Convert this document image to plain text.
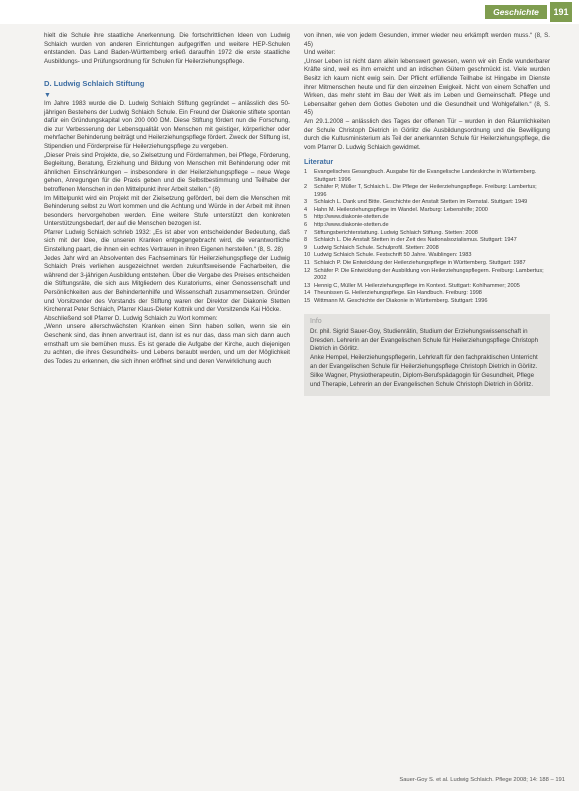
Geschichte	191

hielt die Schule ihre staatliche Anerkennung. Die fortschrittlichen Ideen von Ludwig Schlaich wurden von anderen Einrichtungen aufgegriffen und weitere HEP-Schulen entstanden. Das Land Baden-Württemberg erließ daraufhin 1972 die erste staatliche Ausbildungs- und Prüfungsordnung für Schulen für Heilerziehungspflege.

D. Ludwig Schlaich Stiftung
▼

Im Jahre 1983 wurde die D. Ludwig Schlaich Stiftung gegründet – anlässlich des 50-jährigen Bestehens der Ludwig Schlaich Schule. Ein Freund der Diakonie stiftete spontan dafür ein Gründungskapital von 200 000 DM. Diese Stiftung fördert nun die Forschung, die zur Verbesserung der Lebensqualität von Menschen mit geistiger, körperlicher oder mehrfacher Behinderung beiträgt und Heilerziehungspflege fördert. Zweck der Stiftung ist, Stipendien und Förderpreise für Heilerziehungspflege zu vergeben.

„Dieser Preis sind Projekte, die, so Zielsetzung und Förderrahmen, bei Pflege, Förderung, Begleitung, Beratung, Erziehung und Bildung von Menschen mit Behinderung oder mit ähnlichen Einschränkungen – insbesondere in der Heilerziehungspflege – neue Wege gehen, Anregungen für die Praxis geben und die Selbstbestimmung und Teilhabe der betroffenen Menschen in den Mittelpunkt ihrer Arbeit stellen.“ (8)

Im Mittelpunkt wird ein Projekt mit der Zielsetzung gefördert, bei dem die Menschen mit Behinderung selbst zu Wort kommen und die Achtung und Würde in der Arbeit mit ihnen besonders hervorgehoben werden. Eine weitere Stufe unterstützt den konkreten Unterstützungsbedarf, der auf die Menschen bezogen ist.

Pfarrer Ludwig Schlaich schrieb 1932: „Es ist aber von entscheidender Bedeutung, daß sich mit der Idee, die unseren Kranken entgegengebracht wird, die verantwortliche Einstellung paart, die ihnen ein echtes Vertrauen in ihren Eigenen herstellen.“ (8, S. 28)

Jedes Jahr wird an Absolventen des Fachseminars für Heilerziehungspflege der Ludwig Schlaich Preis verliehen ausgezeichnet werden zukunftsweisende Facharbeiten, die während der 3-jährigen Ausbildung entstehen. Über die Vergabe des Preises entscheiden die Stiftungsräte, die sich aus Mitgliedern des Kuratoriums, einer Genossenschaft und Persönlichkeiten aus der Behindertenhilfe und Wissenschaft zusammensetzen. Gründer und Vorsitzender des Vorstands der Stiftung waren der Direktor der Diakonie Stetten Kirchenrat Peter Schlaich, Pfarrer Klaus-Dieter Kottnik und der Vorsitzende Kai Höcke.

Abschließend soll Pfarrer D. Ludwig Schlaich zu Wort kommen:

„Wenn unsere allerschwächsten Kranken einen Sinn haben sollen, wenn sie ein Geschenk sind, das ihnen anvertraut ist, dann ist es nur das, dass man sich dann auch ernsthaft um sie bemühen muss. Es ist gerade die Aufgabe der Kirche, auch diejenigen zu achten, die ihres Gesundheits- und Lebens beraubt werden, und um der Möglichkeit des Todes zu erkennen, die sich ihnen eröffnet sind und deren Verwirklichung auch

von ihnen, wie von jedem Gesunden, immer wieder neu erkämpft werden muss.“ (8, S. 45)

Und weiter:

„Unser Leben ist nicht dann allein lebenswert gewesen, wenn wir ein Ende wunderbarer Kräfte sind, weil es ihm erreicht und an irdischen Gütern geschmückt ist. Viele wurden Besitz ich kaum nicht ewig sein. Der Pflicht erfüllende Teilhabe ist Hingabe im Dienste ihrer Mitmenschen heute und für den einzelnen Ewigkeit. Nicht von einem Schaffen und Wirken, das mehr steht im Bau der Welt als im Leben und Gemeinschaft. Pflege und Lebensalter gehen dem Gottes Geboten und die Gesundheit und Wohlgefallen.“ (8, S. 45)

Am 29.1.2008 – anlässlich des Tages der offenen Tür – wurden in den Räumlichkeiten der Schule Christoph Dietrich in Görlitz die Ausbildungsordnung und die Bewilligung durch die Kultusministerium als Teil der anerkannten Schule für Heilerziehungspflege, die vom Pfarrer D. Ludwig Schlaich gewidmet.

Literatur
1	Evangelisches Gesangbuch. Ausgabe für die Evangelische Landeskirche in Württemberg. Stuttgart: 1996
2	Schäfer P, Müller T, Schlaich L. Die Pflege der Heilerziehungspflege. Freiburg: Lambertus; 1996
3	Schlaich L. Dank und Bitte. Geschichte der Anstalt Stetten im Remstal. Stuttgart: 1949
4	Hahn M. Heilerziehungspflege im Wandel. Marburg: Lebenshilfe; 2000
5	http://www.diakonie-stetten.de
6	http://www.diakonie-stetten.de
7	Stiftungsberichterstattung. Ludwig Schlaich Stiftung. Stetten: 2008
8	Schlaich L. Die Anstalt Stetten in der Zeit des Nationalsozialismus. Stuttgart: 1947
9	Ludwig Schlaich Schule. Schulprofil. Stetten: 2008
10 Ludwig Schlaich Schule. Festschrift 50 Jahre. Waiblingen: 1983
11 Schlaich P. Die Entwicklung der Heilerziehungspflege in Württemberg. Stuttgart: 1987
12 Schäfer P. Die Entwicklung der Ausbildung von Heilerziehungspflegern. Freiburg: Lambertus; 2002
13 Hennig C, Müller M. Heilerziehungspflege im Kontext. Stuttgart: Kohlhammer; 2005
14 Theunissen G. Heilerziehungspflege. Ein Handbuch. Freiburg: 1998
15 Wittmann M. Geschichte der Diakonie in Württemberg. Stuttgart: 1996
Info

Dr. phil. Sigrid Sauer-Goy, Studienrätin, Studium der Erziehungswissenschaft in Dresden. Lehrerin an der Evangelischen Schule für Heilerziehungspflege Christoph Dietrich in Görlitz.

Anke Hempel, Heilerziehungspflegerin, Lehrkraft für den fachpraktischen Unterricht an der Evangelischen Schule für Heilerziehungspflege Christoph Dietrich in Görlitz.

Silke Wagner, Physiotherapeutin, Diplom-Berufspädagogin für Gesundheit, Pflege und Therapie, Lehrerin an der Evangelischen Schule Christoph Dietrich in Görlitz.

Sauer-Goy S. et al. Ludwig Schlaich. Pflege 2008; 14: 188 – 191
